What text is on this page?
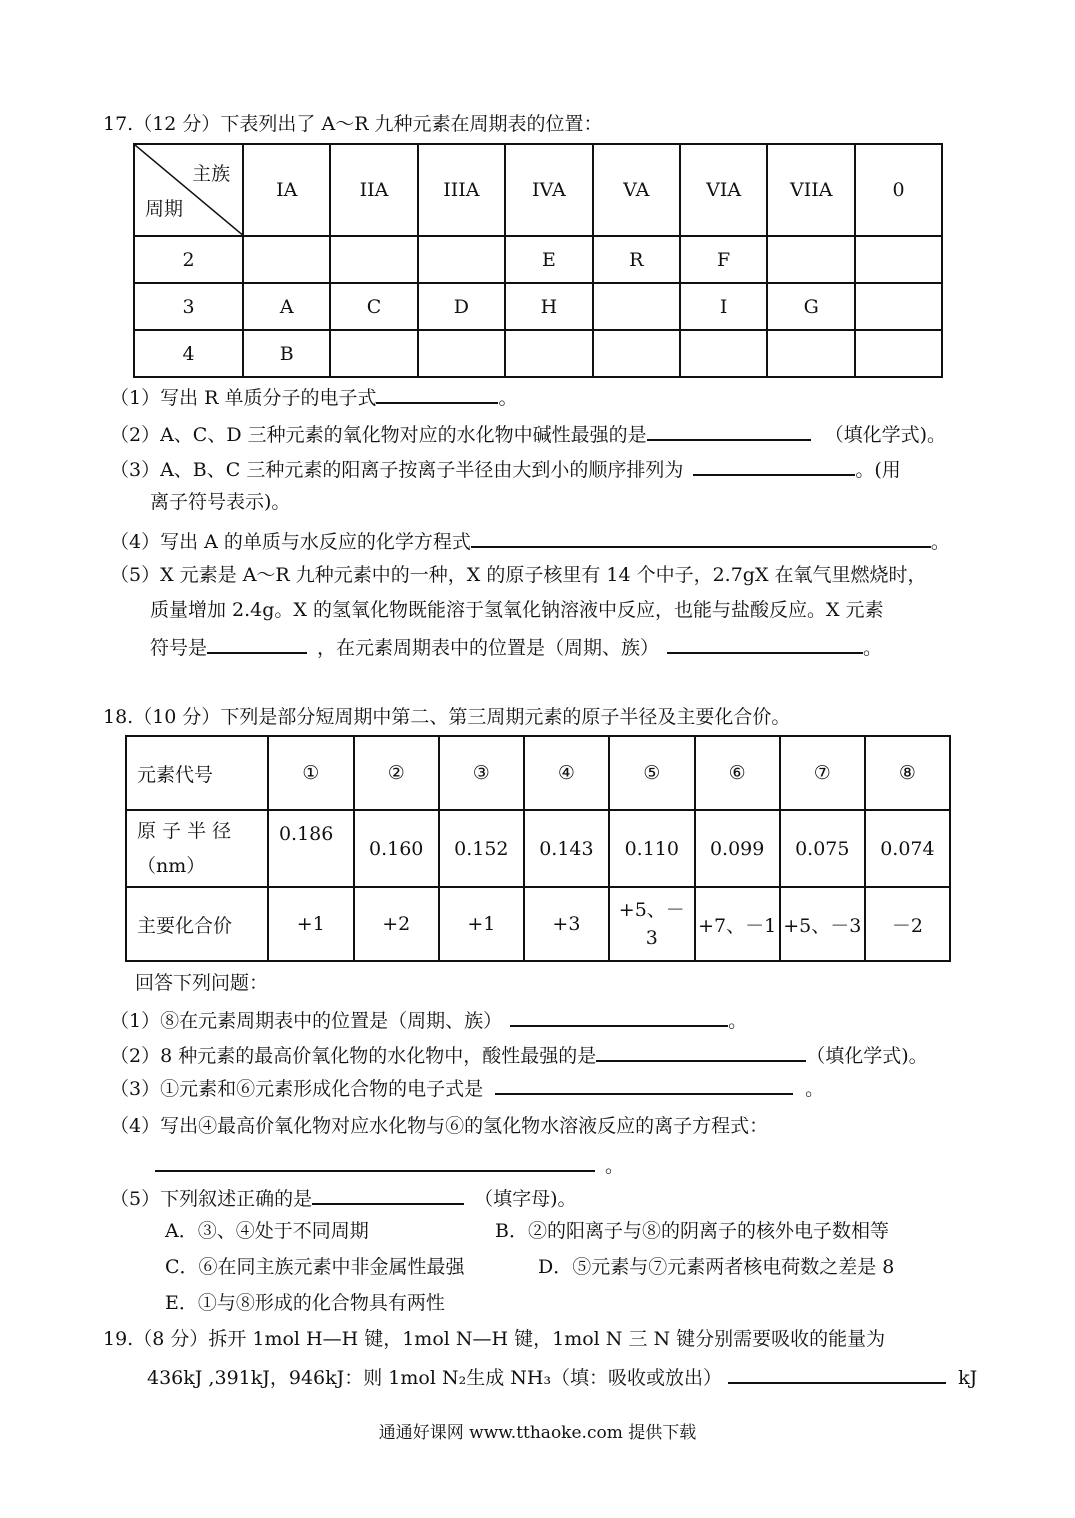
17.（12 分）下表列出了 A～R 九种元素在周期表的位置：
主族
周期	IA	IIA	IIIA	IVA	VA	VIA	VIIA	0
2				E	R	F		
3	A	C	D	H		I	G	
4	B							
（1）写出 R 单质分子的电子式	。
（2）A、C、D 三种元素的氧化物对应的水化物中碱性最强的是	（填化学式)。
（3）A、B、C 三种元素的阳离子按离子半径由大到小的顺序排列为	。(用
离子符号表示)。
（4）写出 A 的单质与水反应的化学方程式	。
（5）X 元素是 A～R 九种元素中的一种，X 的原子核里有 14 个中子，2.7gX 在氧气里燃烧时，
质量增加 2.4g。X 的氢氧化物既能溶于氢氧化钠溶液中反应，也能与盐酸反应。X 元素
符号是	，在元素周期表中的位置是（周期、族）	。
18.（10 分）下列是部分短周期中第二、第三周期元素的原子半径及主要化合价。
元素代号	①	②	③	④	⑤	⑥	⑦	⑧

原 子 半 径
（nm）	0.186	0.160	0.152	0.143	0.110	0.099	0.075	0.074
主要化合价	+1	+2	+1	+3	+5、－3	+7、－1	+5、－3	－2
回答下列问题：
（1）⑧在元素周期表中的位置是（周期、族）	。
（2）8 种元素的最高价氧化物的水化物中，酸性最强的是	（填化学式)。
（3）①元素和⑥元素形成化合物的电子式是	。
（4）写出④最高价氧化物对应水化物与⑥的氢化物水溶液反应的离子方程式：
。
（5）下列叙述正确的是	（填字母)。
A．③、④处于不同周期	B．②的阳离子与⑧的阴离子的核外电子数相等
C．⑥在同主族元素中非金属性最强	D．⑤元素与⑦元素两者核电荷数之差是 8
E．①与⑧形成的化合物具有两性
19.（8 分）拆开 1mol H—H 键，1mol N—H 键，1mol N 三 N 键分别需要吸收的能量为
436kJ ,391kJ，946kJ：则 1mol N₂生成 NH₃（填：吸收或放出）	kJ
通通好课网 www.tthaoke.com 提供下载
